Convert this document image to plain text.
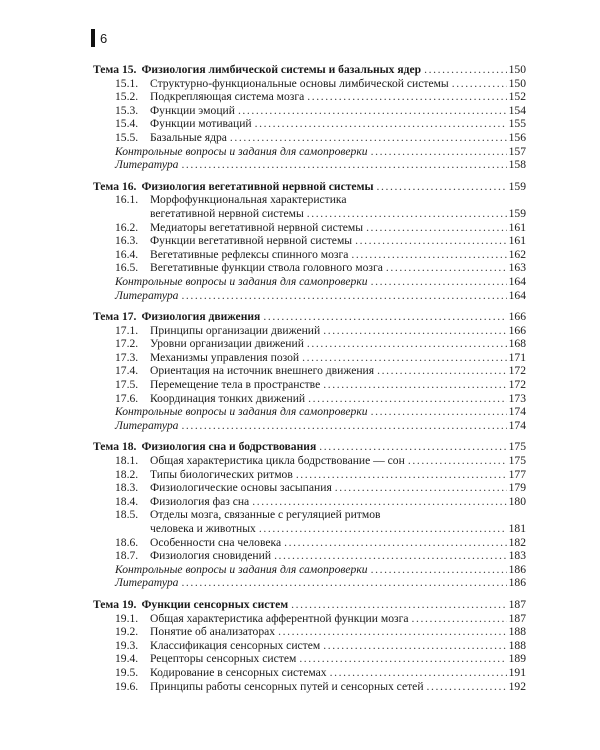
6
Тема 15. Физиология лимбической системы и базальных ядер .....	150
15.1.	Структурно-функциональные основы лимбической системы .....	150
15.2.	Подкрепляющая система мозга .....	152
15.3.	Функции эмоций .....	154
15.4.	Функции мотиваций .....	155
15.5.	Базальные ядра .....	156
Контрольные вопросы и задания для самопроверки .....	157
Литература .....	158
Тема 16. Физиология вегетативной нервной системы .....	159
16.1.	Морфофункциональная характеристика
вегетативной нервной системы .....	159
16.2.	Медиаторы вегетативной нервной системы .....	161
16.3.	Функции вегетативной нервной системы .....	161
16.4.	Вегетативные рефлексы спинного мозга .....	162
16.5.	Вегетативные функции ствола головного мозга .....	163
Контрольные вопросы и задания для самопроверки .....	164
Литература .....	164
Тема 17. Физиология движения .....	166
17.1.	Принципы организации движений .....	166
17.2.	Уровни организации движений .....	168
17.3.	Механизмы управления позой .....	171
17.4.	Ориентация на источник внешнего движения .....	172
17.5.	Перемещение тела в пространстве .....	172
17.6.	Координация тонких движений .....	173
Контрольные вопросы и задания для самопроверки .....	174
Литература .....	174
Тема 18. Физиология сна и бодрствования .....	175
18.1.	Общая характеристика цикла бодрствование — сон .....	175
18.2.	Типы биологических ритмов .....	177
18.3.	Физиологические основы засыпания .....	179
18.4.	Физиология фаз сна .....	180
18.5.	Отделы мозга, связанные с регуляцией ритмов
человека и животных .....	181
18.6.	Особенности сна человека .....	182
18.7.	Физиология сновидений .....	183
Контрольные вопросы и задания для самопроверки .....	186
Литература .....	186
Тема 19. Функции сенсорных систем .....	187
19.1.	Общая характеристика афферентной функции мозга .....	187
19.2.	Понятие об анализаторах .....	188
19.3.	Классификация сенсорных систем .....	188
19.4.	Рецепторы сенсорных систем .....	189
19.5.	Кодирование в сенсорных системах .....	191
19.6.	Принципы работы сенсорных путей и сенсорных сетей .....	192
